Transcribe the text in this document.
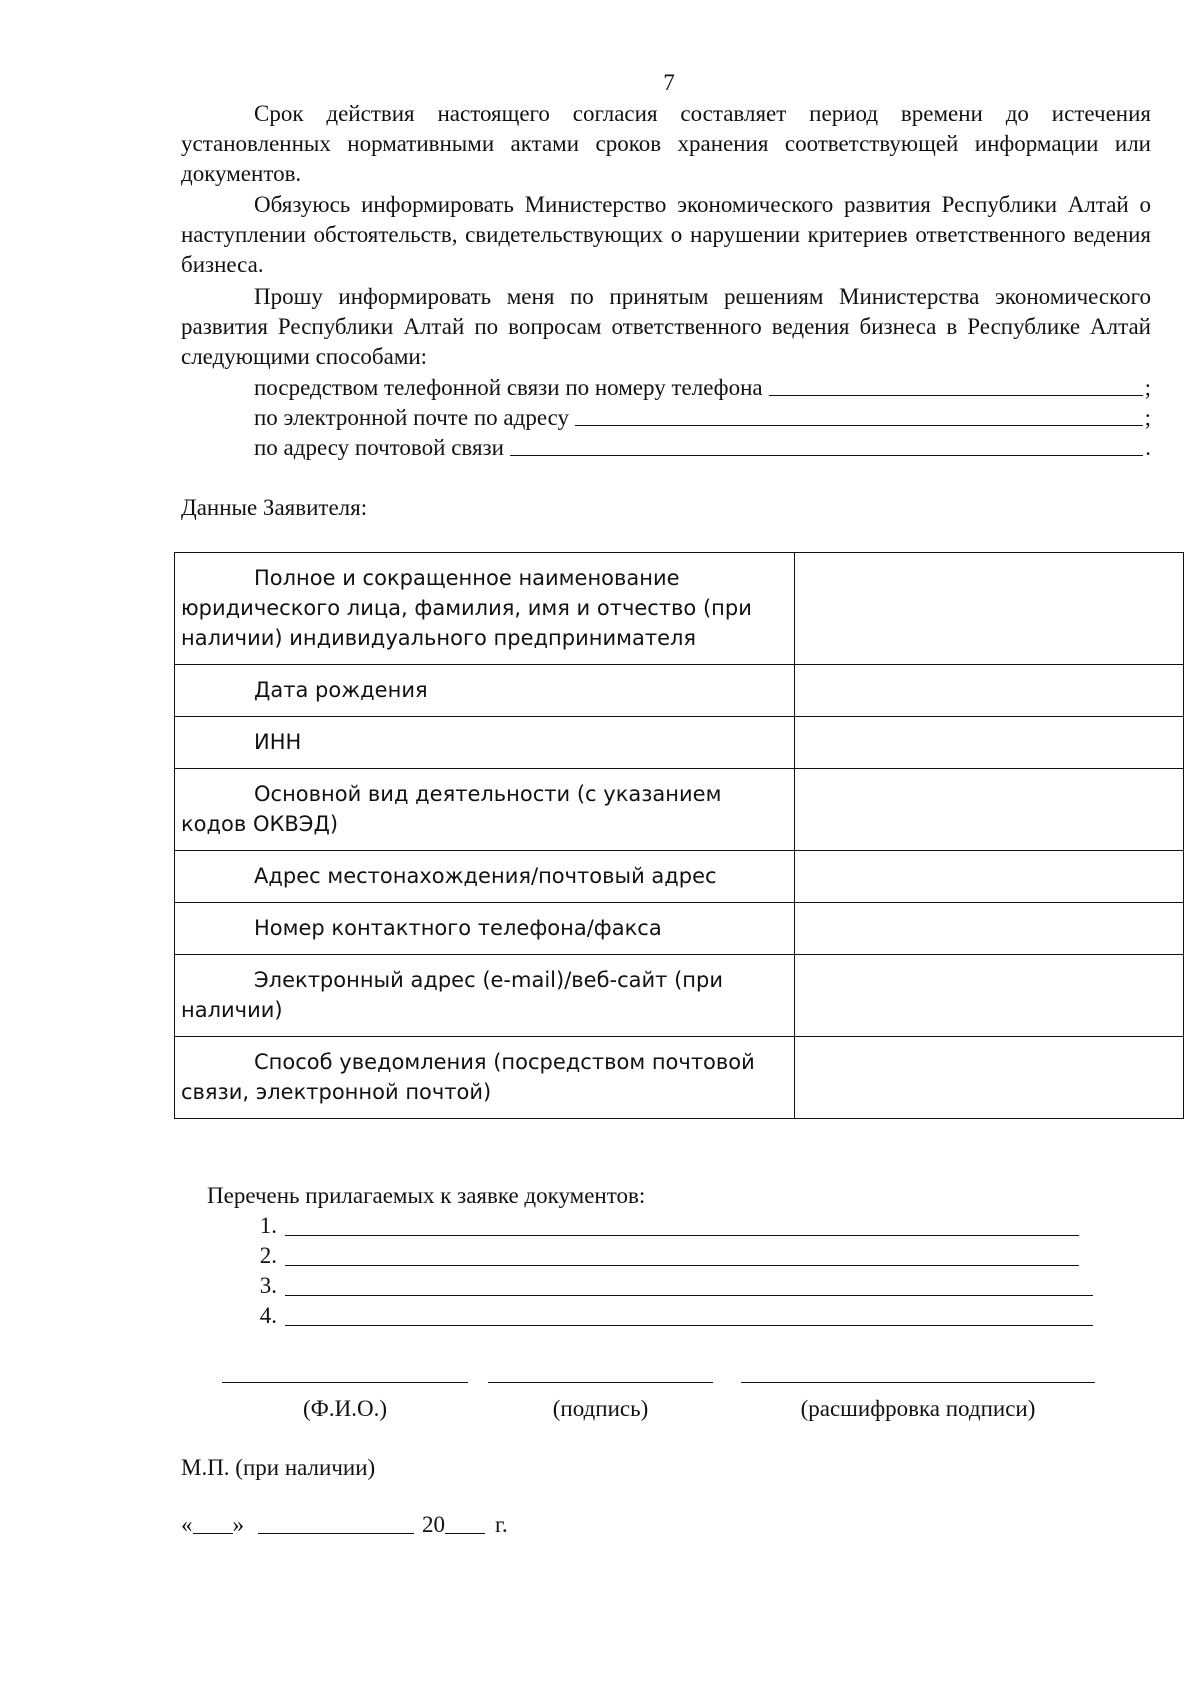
7
Срок действия настоящего согласия составляет период времени до истечения установленных нормативными актами сроков хранения соответствующей информации или документов.
Обязуюсь информировать Министерство экономического развития Республики Алтай о наступлении обстоятельств, свидетельствующих о нарушении критериев ответственного ведения бизнеса.
Прошу информировать меня по принятым решениям Министерства экономического развития Республики Алтай по вопросам ответственного ведения бизнеса в Республике Алтай следующими способами:
посредством телефонной связи по номеру телефона	;
по электронной почте по адресу	;
по адресу почтовой связи	.
Данные Заявителя:
Полное и сокращенное наименование юридического лица, фамилия, имя и отчество (при наличии) индивидуального предпринимателя	

Дата рождения	

ИНН	

Основной вид деятельности (с указанием кодов ОКВЭД)	

Адрес местонахождения/почтовый адрес	

Номер контактного телефона/факса	

Электронный адрес (e-mail)/веб-сайт (при наличии)	

Способ уведомления (посредством почтовой связи, электронной почтой)	

Перечень прилагаемых к заявке документов:
1.
2.
3.
4.
(Ф.И.О.)	(подпись)	(расшифровка подписи)
М.П. (при наличии)
« »	20 г.
